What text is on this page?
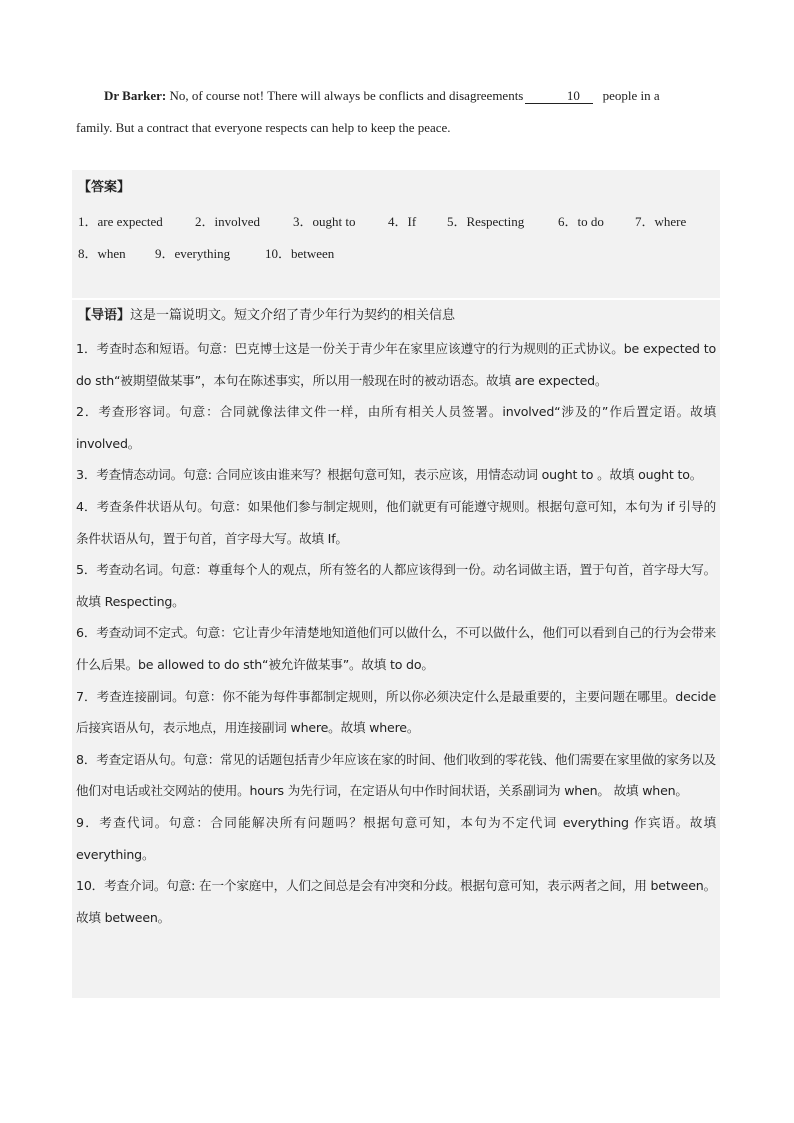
Dr Barker: No, of course not! There will always be conflicts and disagreements	10 people in a
family. But a contract that everyone respects can help to keep the peace.
【答案】
1．are expected 2．involved	3．ought to	4．If 5．Respecting	6．to do 7．where
8．when 9．everything	10．between
【导语】这是一篇说明文。短文介绍了青少年行为契约的相关信息

1．考查时态和短语。句意：巴克博士这是一份关于青少年在家里应该遵守的行为规则的正式协议。be expected to do sth“被期望做某事”，本句在陈述事实，所以用一般现在时的被动语态。故填 are expected。

2．考查形容词。句意：合同就像法律文件一样，由所有相关人员签署。involved“涉及的”作后置定语。故填 involved。

3．考查情态动词。句意: 合同应该由谁来写？根据句意可知，表示应该，用情态动词 ought to 。故填 ought to。

4．考查条件状语从句。句意：如果他们参与制定规则，他们就更有可能遵守规则。根据句意可知，本句为 if 引导的条件状语从句，置于句首，首字母大写。故填 If。

5．考查动名词。句意：尊重每个人的观点，所有签名的人都应该得到一份。动名词做主语，置于句首，首字母大写。故填 Respecting。

6．考查动词不定式。句意：它让青少年清楚地知道他们可以做什么，不可以做什么，他们可以看到自己的行为会带来什么后果。be allowed to do sth“被允许做某事”。故填 to do。

7．考查连接副词。句意：你不能为每件事都制定规则，所以你必须决定什么是最重要的，主要问题在哪里。decide 后接宾语从句，表示地点，用连接副词 where。故填 where。

8．考查定语从句。句意：常见的话题包括青少年应该在家的时间、他们收到的零花钱、他们需要在家里做的家务以及他们对电话或社交网站的使用。hours 为先行词，在定语从句中作时间状语，关系副词为 when。 故填 when。

9．考查代词。句意：合同能解决所有问题吗？根据句意可知，本句为不定代词 everything 作宾语。故填 everything。

10．考查介词。句意: 在一个家庭中，人们之间总是会有冲突和分歧。根据句意可知，表示两者之间，用 between。故填 between。
